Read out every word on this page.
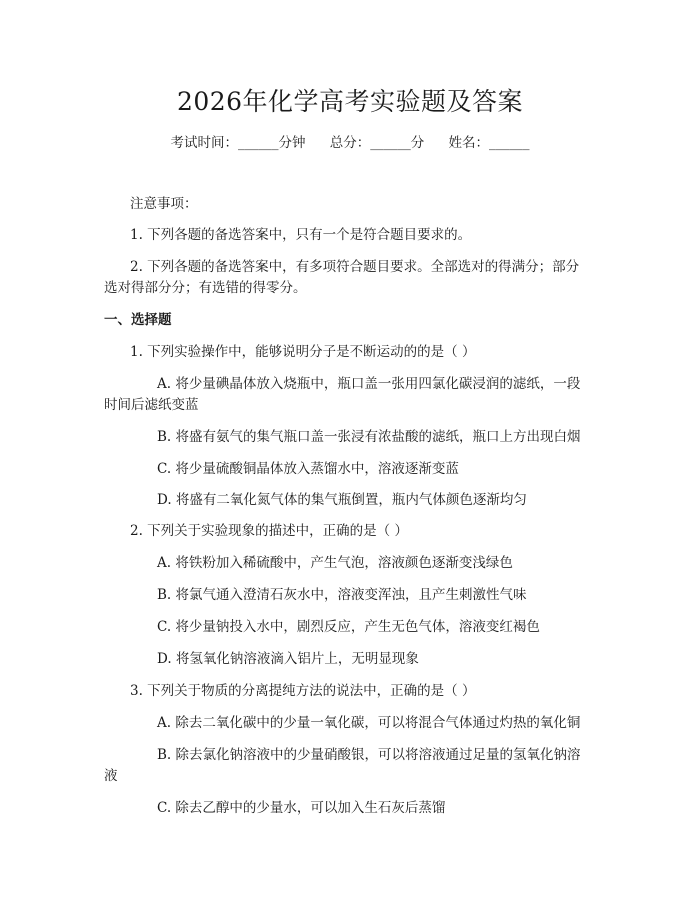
2026年化学高考实验题及答案
考试时间：______分钟 总分：______分 姓名：______
注意事项：
1. 下列各题的备选答案中，只有一个是符合题目要求的。
2. 下列各题的备选答案中，有多项符合题目要求。全部选对的得满分；部分
选对得部分分；有选错的得零分。
一、选择题
1. 下列实验操作中，能够说明分子是不断运动的的是（ ）
A. 将少量碘晶体放入烧瓶中，瓶口盖一张用四氯化碳浸润的滤纸，一段
时间后滤纸变蓝
B. 将盛有氨气的集气瓶口盖一张浸有浓盐酸的滤纸，瓶口上方出现白烟
C. 将少量硫酸铜晶体放入蒸馏水中，溶液逐渐变蓝
D. 将盛有二氧化氮气体的集气瓶倒置，瓶内气体颜色逐渐均匀
2. 下列关于实验现象的描述中，正确的是（ ）
A. 将铁粉加入稀硫酸中，产生气泡，溶液颜色逐渐变浅绿色
B. 将氯气通入澄清石灰水中，溶液变浑浊，且产生刺激性气味
C. 将少量钠投入水中，剧烈反应，产生无色气体，溶液变红褐色
D. 将氢氧化钠溶液滴入铝片上，无明显现象
3. 下列关于物质的分离提纯方法的说法中，正确的是（ ）
A. 除去二氧化碳中的少量一氧化碳，可以将混合气体通过灼热的氧化铜
B. 除去氯化钠溶液中的少量硝酸银，可以将溶液通过足量的氢氧化钠溶
液
C. 除去乙醇中的少量水，可以加入生石灰后蒸馏
